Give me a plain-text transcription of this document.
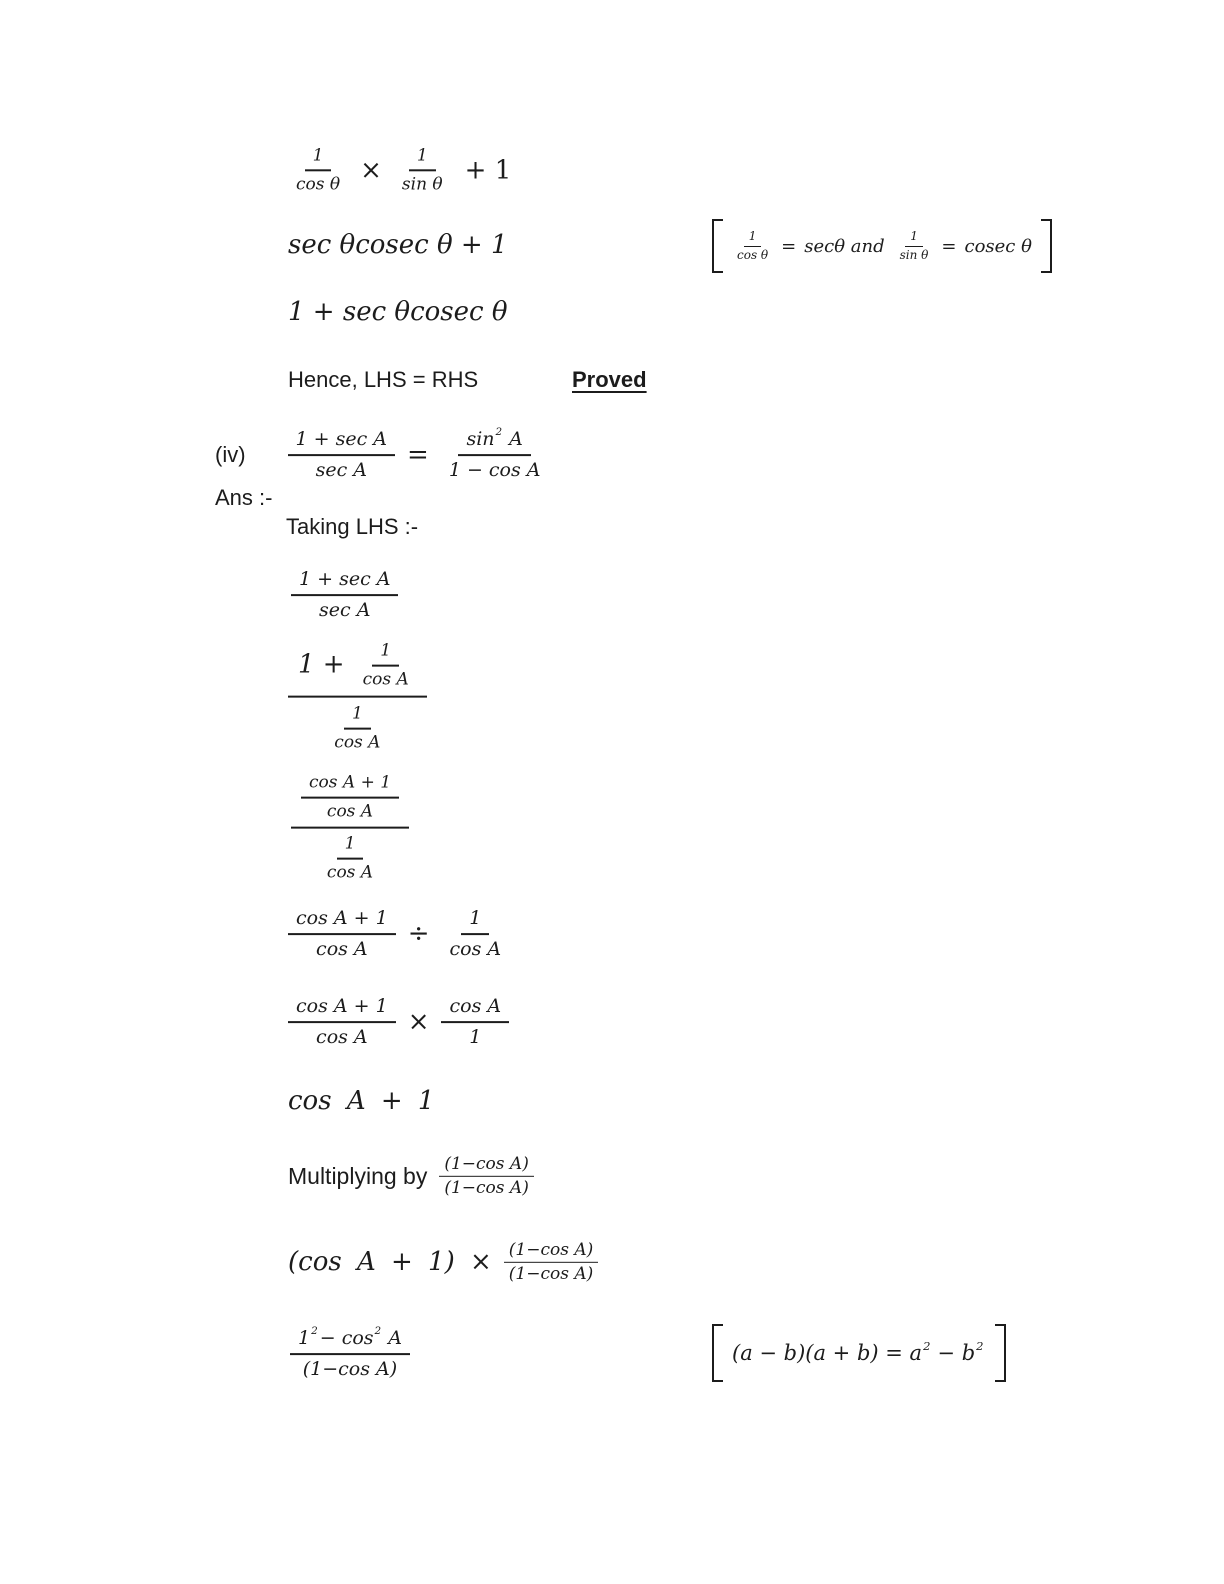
$\frac{1}{\text{cos θ}} \times \frac{1}{\text{sin θ}} + 1$
sec θcosec θ + 1	$\frac{1}{\text{cos θ}} = \sec\theta$ and $\frac{1}{\text{sin θ}} = cosec$ θ
1 + sec θcosec θ
Hence, LHS = RHS	Proved
(iv)
1 + sec A
sec A	= $\frac{\sin 2 A}{\text{1 − cos A}}$
Ans :-
Taking LHS :-
1 + sec A
sec A
$\frac{1 + \frac{1}{\text{cos A}}}{\frac{1}{\text{cos A}}}$
$\frac{\frac{\text{cos A + 1}}{\text{cos A}}}{\frac{1}{\text{cos A}}}$
$\frac{\text{cos A + 1}}{\text{cos A}} \div \frac{1}{\text{cos A}}$
$\frac{\text{cos A + 1}}{\text{cos A}} \times \frac{\text{cos A}}{1}$
cos A + 1
Multiplying by $\frac{\text{(1−cos A)}}{\text{(1−cos A)}}$
(cos $A + 1) \times \frac{\text{(1−cos A)}}{\text{(1−cos A)}}$
$\frac{1 2 - \cos 2 A}{\text{(1−cos A)}}$	(a − b)(a + b) = a 2 − b 2
